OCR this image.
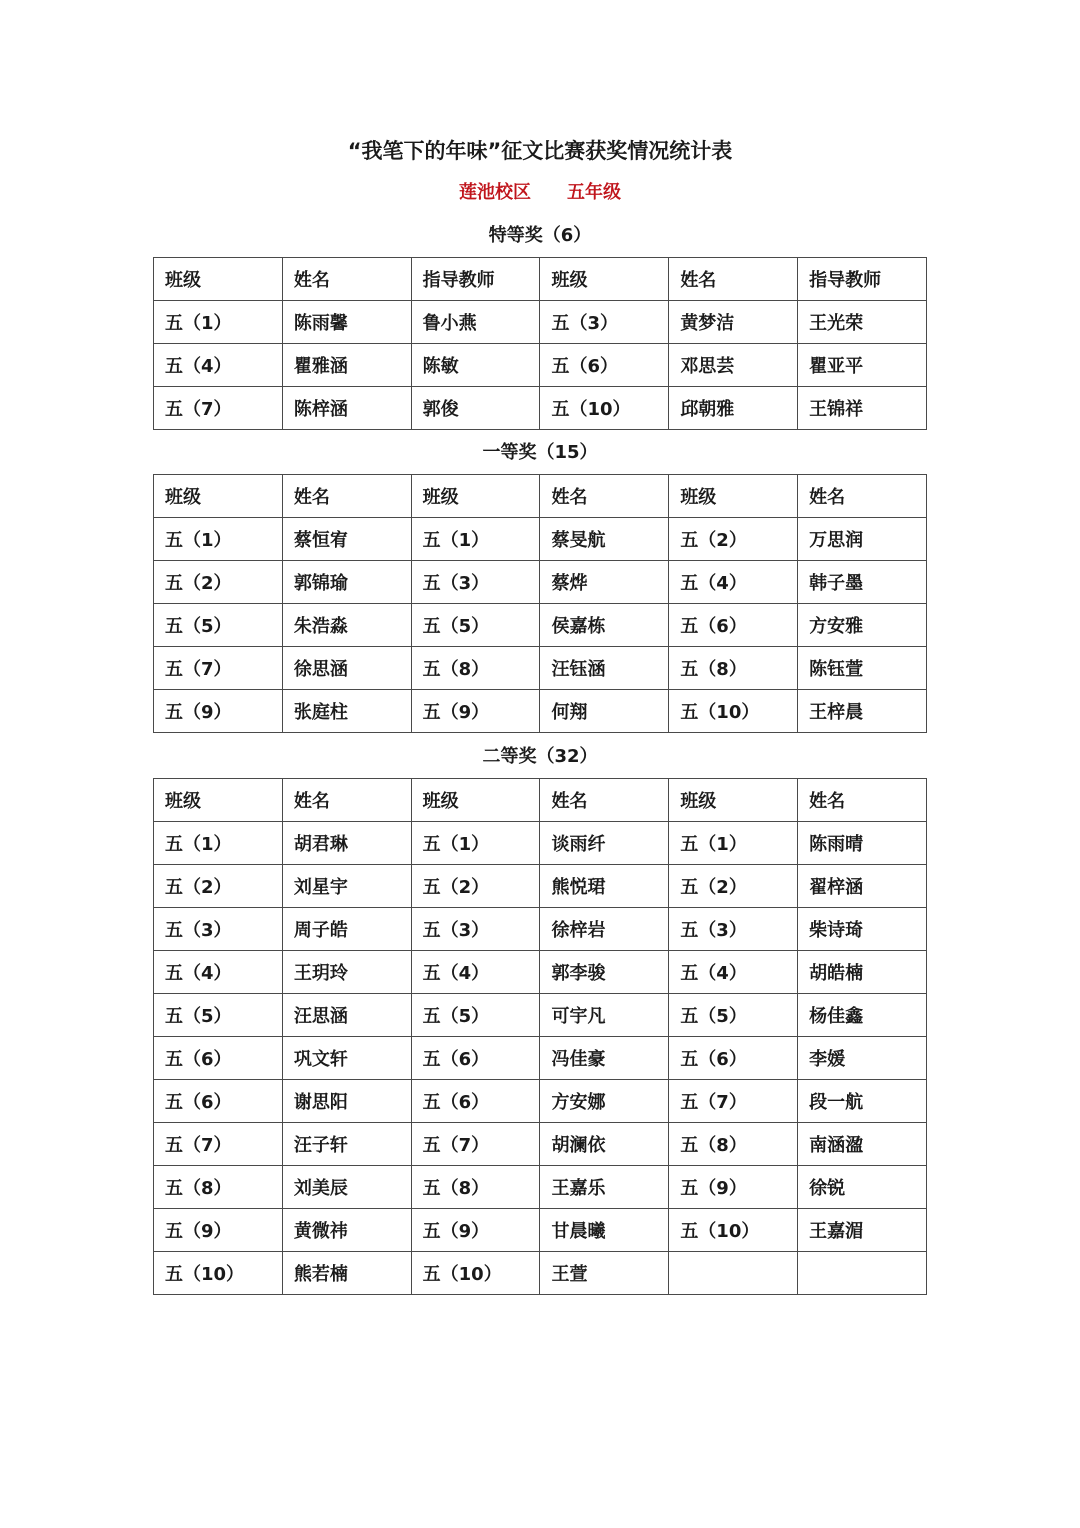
“我笔下的年味”征文比赛获奖情况统计表
莲池校区 五年级
特等奖（6）
班级	姓名	指导教师	班级	姓名	指导教师
五（1）	陈雨馨	鲁小燕	五（3）	黄梦洁	王光荣
五（4）	瞿雅涵	陈敏	五（6）	邓思芸	瞿亚平
五（7）	陈梓涵	郭俊	五（10）	邱朝雅	王锦祥
一等奖（15）
班级	姓名	班级	姓名	班级	姓名
五（1）	蔡恒宥	五（1）	蔡旻航	五（2）	万思润
五（2）	郭锦瑜	五（3）	蔡烨	五（4）	韩子墨
五（5）	朱浩淼	五（5）	侯嘉栋	五（6）	方安雅
五（7）	徐思涵	五（8）	汪钰涵	五（8）	陈钰萱
五（9）	张庭柱	五（9）	何翔	五（10）	王梓晨
二等奖（32）
班级	姓名	班级	姓名	班级	姓名
五（1）	胡君琳	五（1）	谈雨纤	五（1）	陈雨晴
五（2）	刘星宇	五（2）	熊悦珺	五（2）	翟梓涵
五（3）	周子皓	五（3）	徐梓岩	五（3）	柴诗琦
五（4）	王玥玲	五（4）	郭李骏	五（4）	胡皓楠
五（5）	汪思涵	五（5）	可宇凡	五（5）	杨佳鑫
五（6）	巩文轩	五（6）	冯佳豪	五（6）	李媛
五（6）	谢思阳	五（6）	方安娜	五（7）	段一航
五（7）	汪子轩	五（7）	胡澜依	五（8）	南涵溋
五（8）	刘美辰	五（8）	王嘉乐	五（9）	徐锐
五（9）	黄微祎	五（9）	甘晨曦	五（10）	王嘉湄
五（10）	熊若楠	五（10）	王萱		
